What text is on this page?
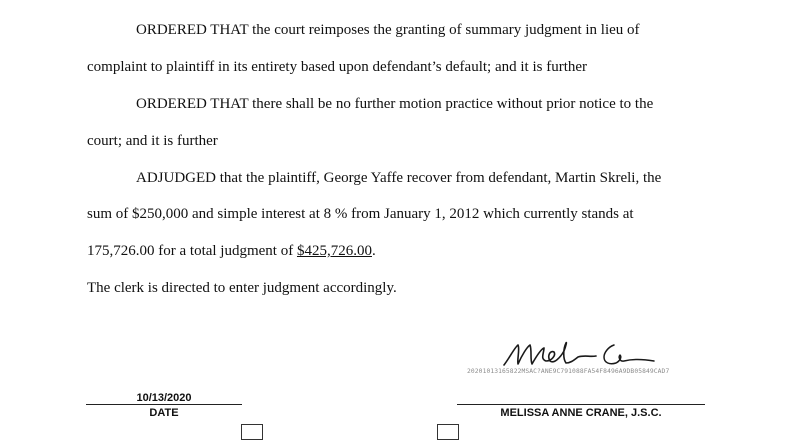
ORDERED THAT the court reimposes the granting of summary judgment in lieu of
complaint to plaintiff in its entirety based upon defendant’s default; and it is further
ORDERED THAT there shall be no further motion practice without prior notice to the
court; and it is further
ADJUDGED that the plaintiff, George Yaffe recover from defendant, Martin Skreli, the
sum of $250,000 and simple interest at 8 % from January 1, 2012 which currently stands at
175,726.00 for a total judgment of $425,726.00.
The clerk is directed to enter judgment accordingly.
20201013165822MSAC?ANE9C791088FA54F8496A9DB05849CAD7
10/13/2020
DATE	MELISSA ANNE CRANE, J.S.C.
